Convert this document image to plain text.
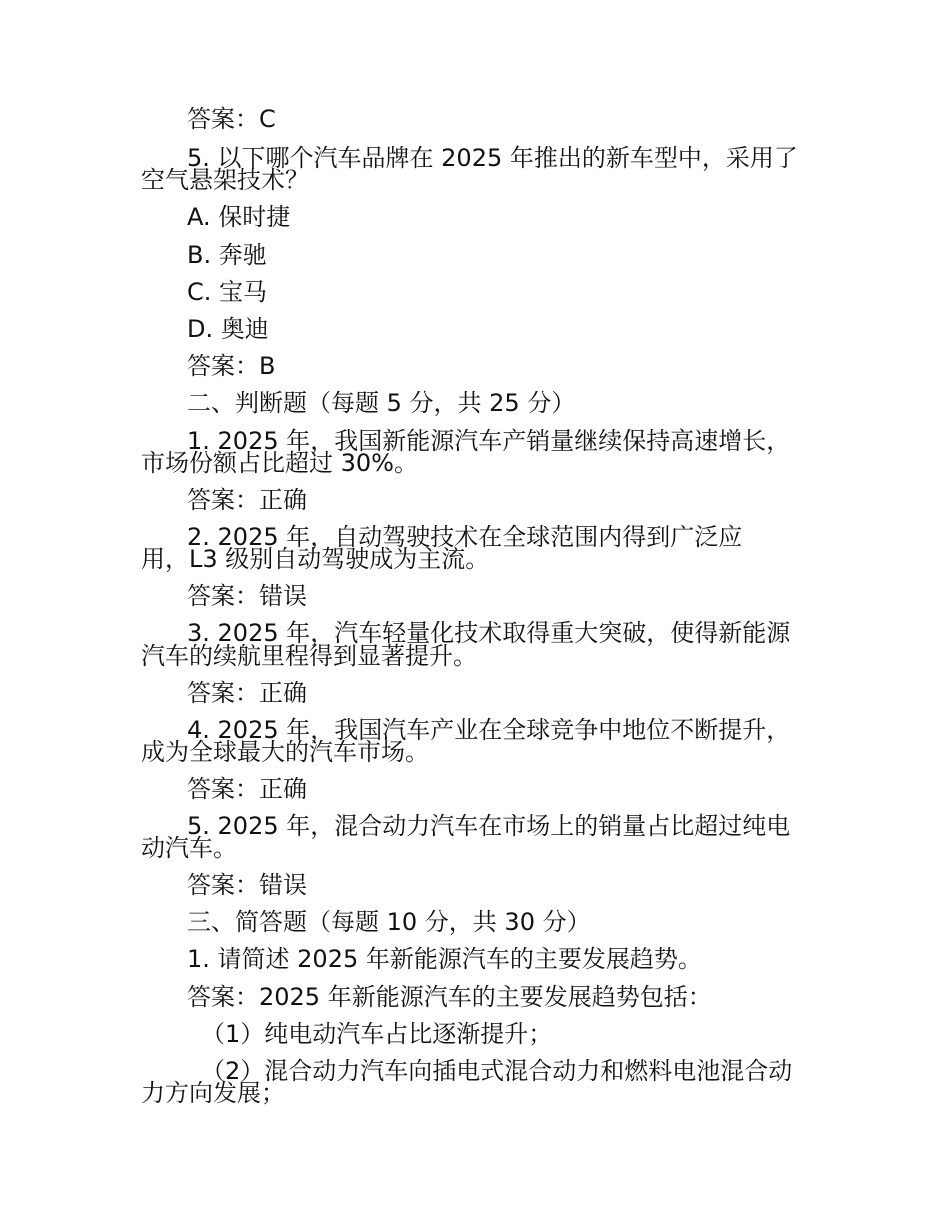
答案：C
5. 以下哪个汽车品牌在 2025 年推出的新车型中，采用了
空气悬架技术？
A. 保时捷
B. 奔驰
C. 宝马
D. 奥迪
答案：B
二、判断题（每题 5 分，共 25 分）
1. 2025 年，我国新能源汽车产销量继续保持高速增长，
市场份额占比超过 30%。
答案：正确
2. 2025 年，自动驾驶技术在全球范围内得到广泛应
用，L3 级别自动驾驶成为主流。
答案：错误
3. 2025 年，汽车轻量化技术取得重大突破，使得新能源
汽车的续航里程得到显著提升。
答案：正确
4. 2025 年，我国汽车产业在全球竞争中地位不断提升，
成为全球最大的汽车市场。
答案：正确
5. 2025 年，混合动力汽车在市场上的销量占比超过纯电
动汽车。
答案：错误
三、简答题（每题 10 分，共 30 分）
1. 请简述 2025 年新能源汽车的主要发展趋势。
答案：2025 年新能源汽车的主要发展趋势包括：
（1）纯电动汽车占比逐渐提升；
（2）混合动力汽车向插电式混合动力和燃料电池混合动
力方向发展；
